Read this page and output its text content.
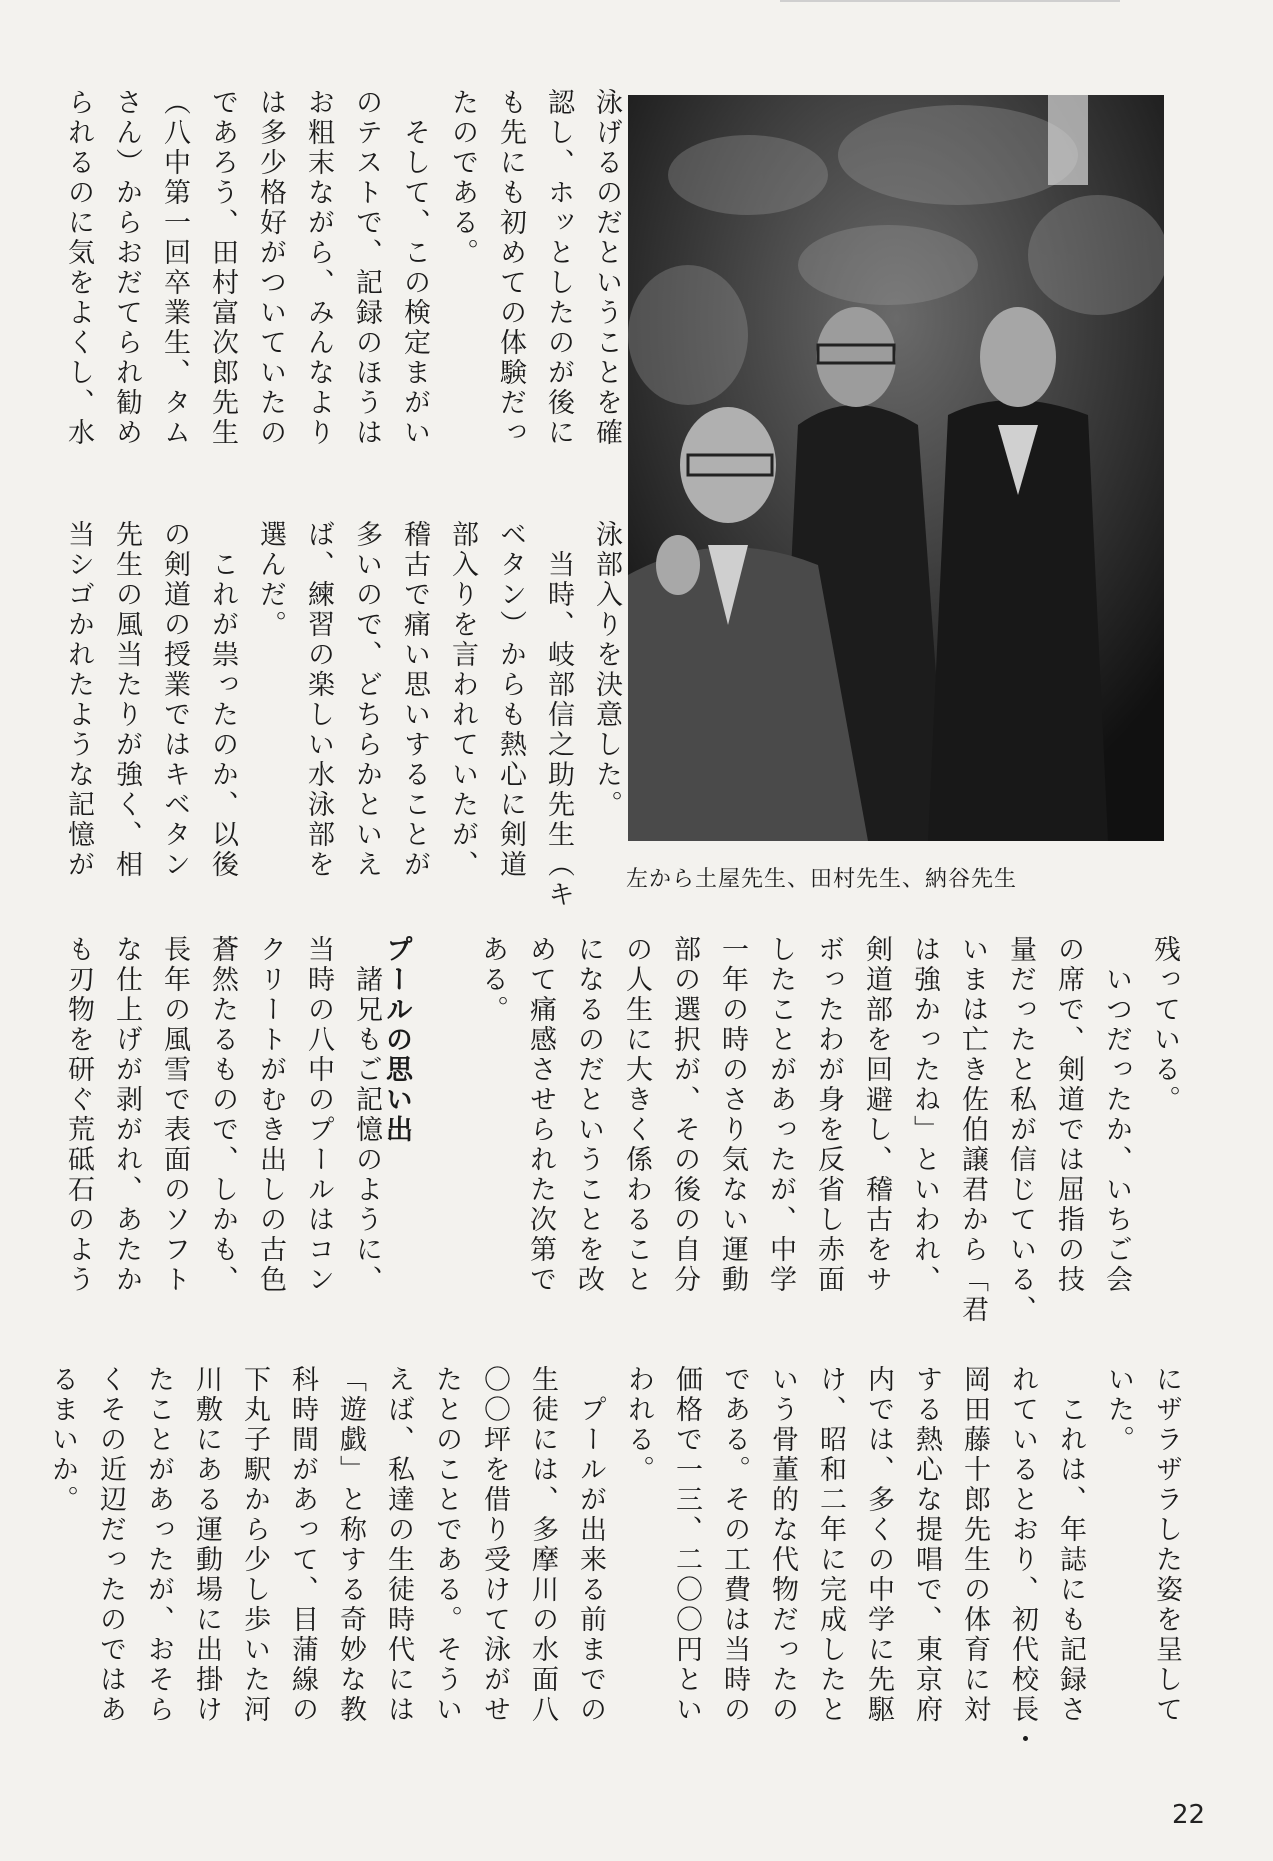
泳げるのだということを確
認し、ホッとしたのが後に
も先にも初めての体験だっ
たのである。
　そして、この検定まがい
のテストで、記録のほうは
お粗末ながら、みんなより
は多少格好がついていたの
であろう、田村富次郎先生
（八中第一回卒業生、タム
さん）からおだてられ勧め
られるのに気をよくし、水
泳部入りを決意した。
　当時、岐部信之助先生（キ
ベタン）からも熱心に剣道
部入りを言われていたが、
稽古で痛い思いすることが
多いので、どちらかといえ
ば、練習の楽しい水泳部を
選んだ。
　これが祟ったのか、以後
の剣道の授業ではキベタン
先生の風当たりが強く、相
当シゴかれたような記憶が	左から土屋先生、田村先生、納谷先生
残っている。
　いつだったか、いちご会
の席で、剣道では屈指の技
量だったと私が信じている、
いまは亡き佐伯譲君から「君
は強かったね」といわれ、
剣道部を回避し、稽古をサ
ボったわが身を反省し赤面
したことがあったが、中学
一年の時のさり気ない運動
部の選択が、その後の自分
の人生に大きく係わること
になるのだということを改
めて痛感させられた次第で
ある。

プールの思い出
　諸兄もご記憶のように、
当時の八中のプールはコン
クリートがむき出しの古色
蒼然たるもので、しかも、
長年の風雪で表面のソフト
な仕上げが剥がれ、あたか
も刃物を研ぐ荒砥石のよう
にザラザラした姿を呈して
いた。
　これは、年誌にも記録さ
れているとおり、初代校長・
岡田藤十郎先生の体育に対
する熱心な提唱で、東京府
内では、多くの中学に先駆
け、昭和二年に完成したと
いう骨董的な代物だったの
である。その工費は当時の
価格で一三、二〇〇円とい
われる。
　プールが出来る前までの
生徒には、多摩川の水面八
〇〇坪を借り受けて泳がせ
たとのことである。そうい
えば、私達の生徒時代には
「遊戯」と称する奇妙な教
科時間があって、目蒲線の
下丸子駅から少し歩いた河
川敷にある運動場に出掛け
たことがあったが、おそら
くその近辺だったのではあ
るまいか。
22
